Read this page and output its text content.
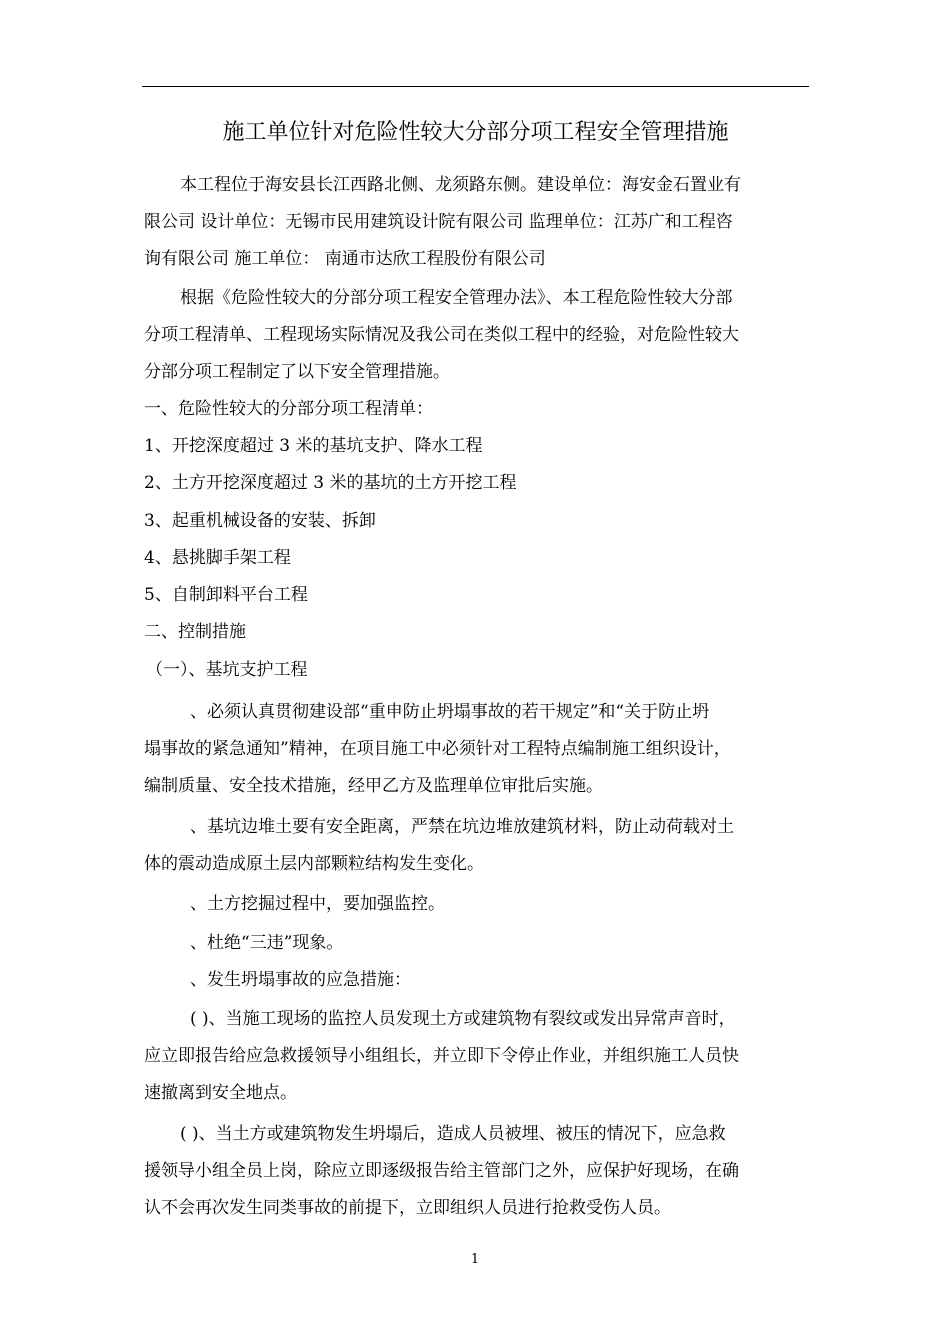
施工单位针对危险性较大分部分项工程安全管理措施
本工程位于海安县长江西路北侧、龙须路东侧。建设单位：海安金石置业有
限公司 设计单位：无锡市民用建筑设计院有限公司 监理单位：江苏广和工程咨
询有限公司 施工单位： 南通市达欣工程股份有限公司
根据《危险性较大的分部分项工程安全管理办法》、本工程危险性较大分部
分项工程清单、工程现场实际情况及我公司在类似工程中的经验，对危险性较大
分部分项工程制定了以下安全管理措施。
一、危险性较大的分部分项工程清单：
1、开挖深度超过 3 米的基坑支护、降水工程
2、土方开挖深度超过 3 米的基坑的土方开挖工程
3、起重机械设备的安装、拆卸
4、悬挑脚手架工程
5、自制卸料平台工程
二、控制措施
（一）、基坑支护工程
、必须认真贯彻建设部“重申防止坍塌事故的若干规定”和“关于防止坍
塌事故的紧急通知”精神，在项目施工中必须针对工程特点编制施工组织设计，
编制质量、安全技术措施，经甲乙方及监理单位审批后实施。
、基坑边堆土要有安全距离，严禁在坑边堆放建筑材料，防止动荷载对土
体的震动造成原土层内部颗粒结构发生变化。
、土方挖掘过程中，要加强监控。
、杜绝“三违”现象。
、发生坍塌事故的应急措施：
( )、当施工现场的监控人员发现土方或建筑物有裂纹或发出异常声音时，
应立即报告给应急救援领导小组组长，并立即下令停止作业，并组织施工人员快
速撤离到安全地点。
( )、当土方或建筑物发生坍塌后，造成人员被埋、被压的情况下，应急救
援领导小组全员上岗，除应立即逐级报告给主管部门之外，应保护好现场，在确
认不会再次发生同类事故的前提下，立即组织人员进行抢救受伤人员。
1
